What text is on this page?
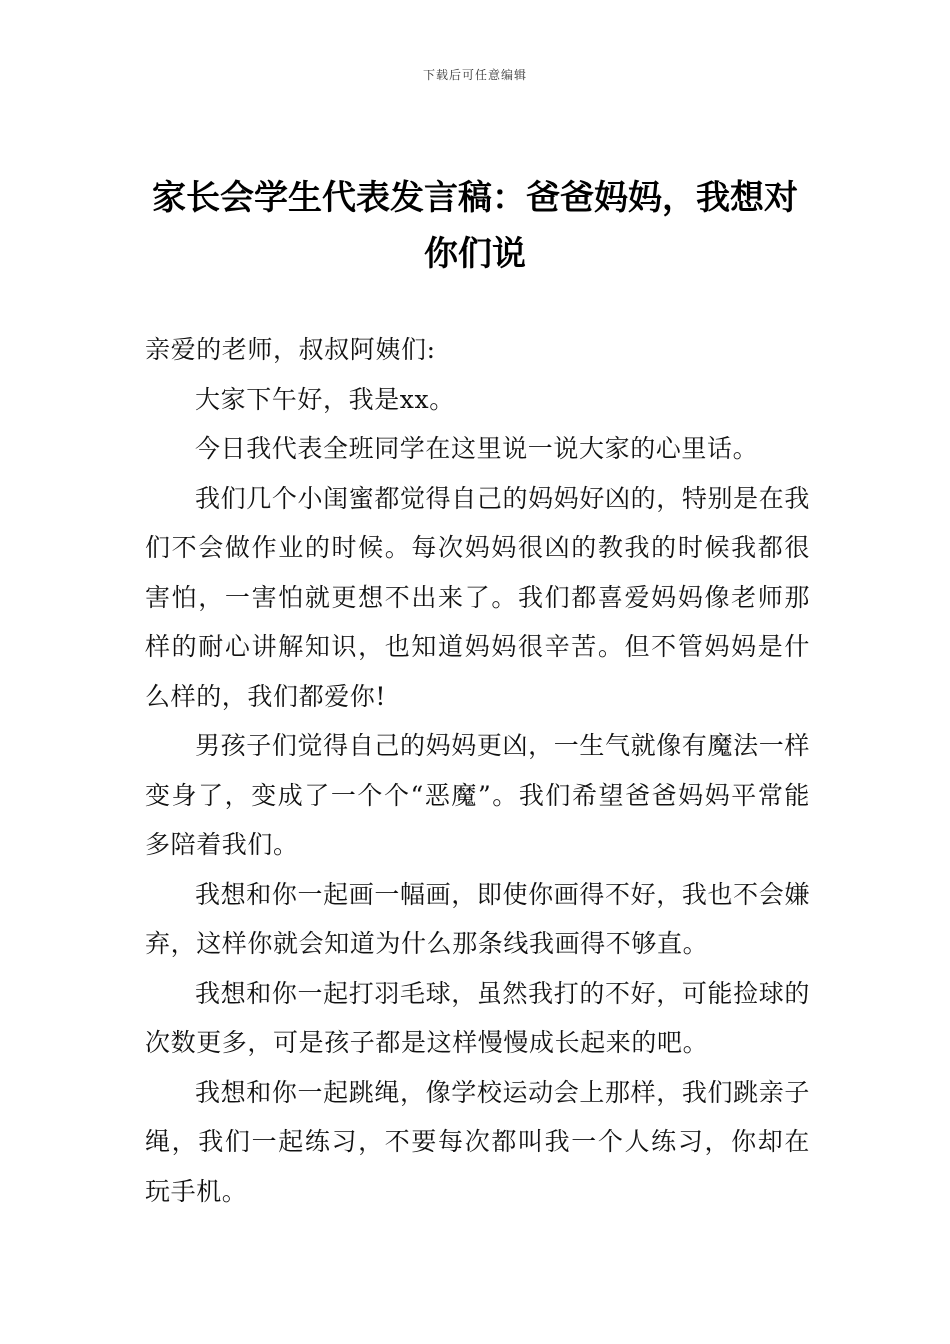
下载后可任意编辑
家长会学生代表发言稿：爸爸妈妈，我想对你们说

亲爱的老师，叔叔阿姨们:

大家下午好，我是xx。

今日我代表全班同学在这里说一说大家的心里话。

我们几个小闺蜜都觉得自己的妈妈好凶的，特别是在我们不会做作业的时候。每次妈妈很凶的教我的时候我都很害怕，一害怕就更想不出来了。我们都喜爱妈妈像老师那样的耐心讲解知识，也知道妈妈很辛苦。但不管妈妈是什么样的，我们都爱你!

男孩子们觉得自己的妈妈更凶，一生气就像有魔法一样变身了，变成了一个个“恶魔”。我们希望爸爸妈妈平常能多陪着我们。

我想和你一起画一幅画，即使你画得不好，我也不会嫌弃，这样你就会知道为什么那条线我画得不够直。

我想和你一起打羽毛球，虽然我打的不好，可能捡球的次数更多，可是孩子都是这样慢慢成长起来的吧。

我想和你一起跳绳，像学校运动会上那样，我们跳亲子绳，我们一起练习，不要每次都叫我一个人练习，你却在玩手机。
